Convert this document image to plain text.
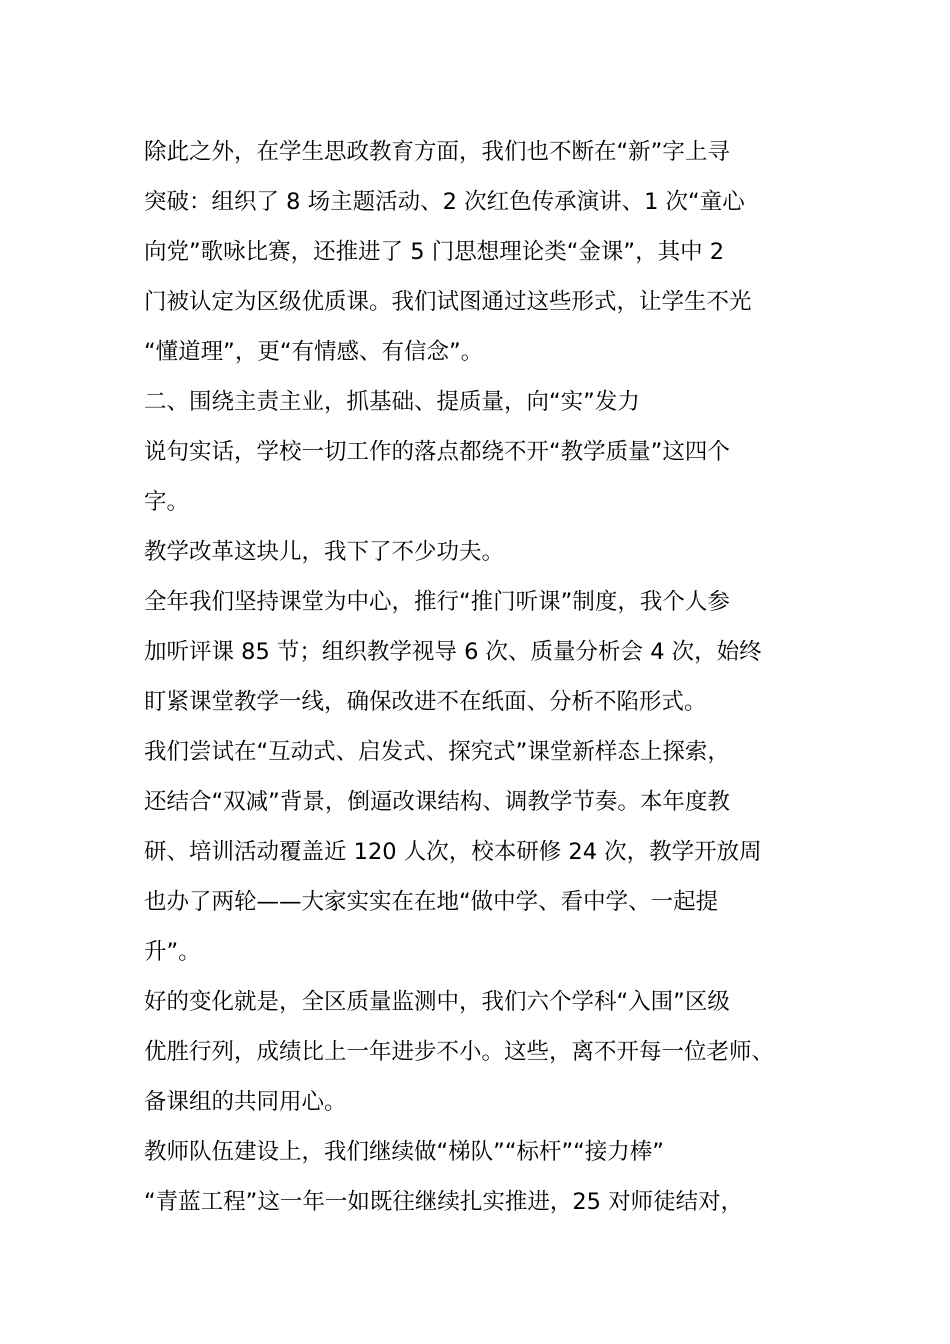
除此之外，在学生思政教育方面，我们也不断在“新”字上寻
突破：组织了 8 场主题活动、2 次红色传承演讲、1 次“童心
向党”歌咏比赛，还推进了 5 门思想理论类“金课”，其中 2
门被认定为区级优质课。我们试图通过这些形式，让学生不光
“懂道理”，更“有情感、有信念”。
二、围绕主责主业，抓基础、提质量，向“实”发力
说句实话，学校一切工作的落点都绕不开“教学质量”这四个
字。
教学改革这块儿，我下了不少功夫。
全年我们坚持课堂为中心，推行“推门听课”制度，我个人参
加听评课 85 节；组织教学视导 6 次、质量分析会 4 次，始终
盯紧课堂教学一线，确保改进不在纸面、分析不陷形式。
我们尝试在“互动式、启发式、探究式”课堂新样态上探索，
还结合“双减”背景，倒逼改课结构、调教学节奏。本年度教
研、培训活动覆盖近 120 人次，校本研修 24 次，教学开放周
也办了两轮——大家实实在在地“做中学、看中学、一起提
升”。
好的变化就是，全区质量监测中，我们六个学科“入围”区级
优胜行列，成绩比上一年进步不小。这些，离不开每一位老师、
备课组的共同用心。
教师队伍建设上，我们继续做“梯队”“标杆”“接力棒”
“青蓝工程”这一年一如既往继续扎实推进，25 对师徒结对，
